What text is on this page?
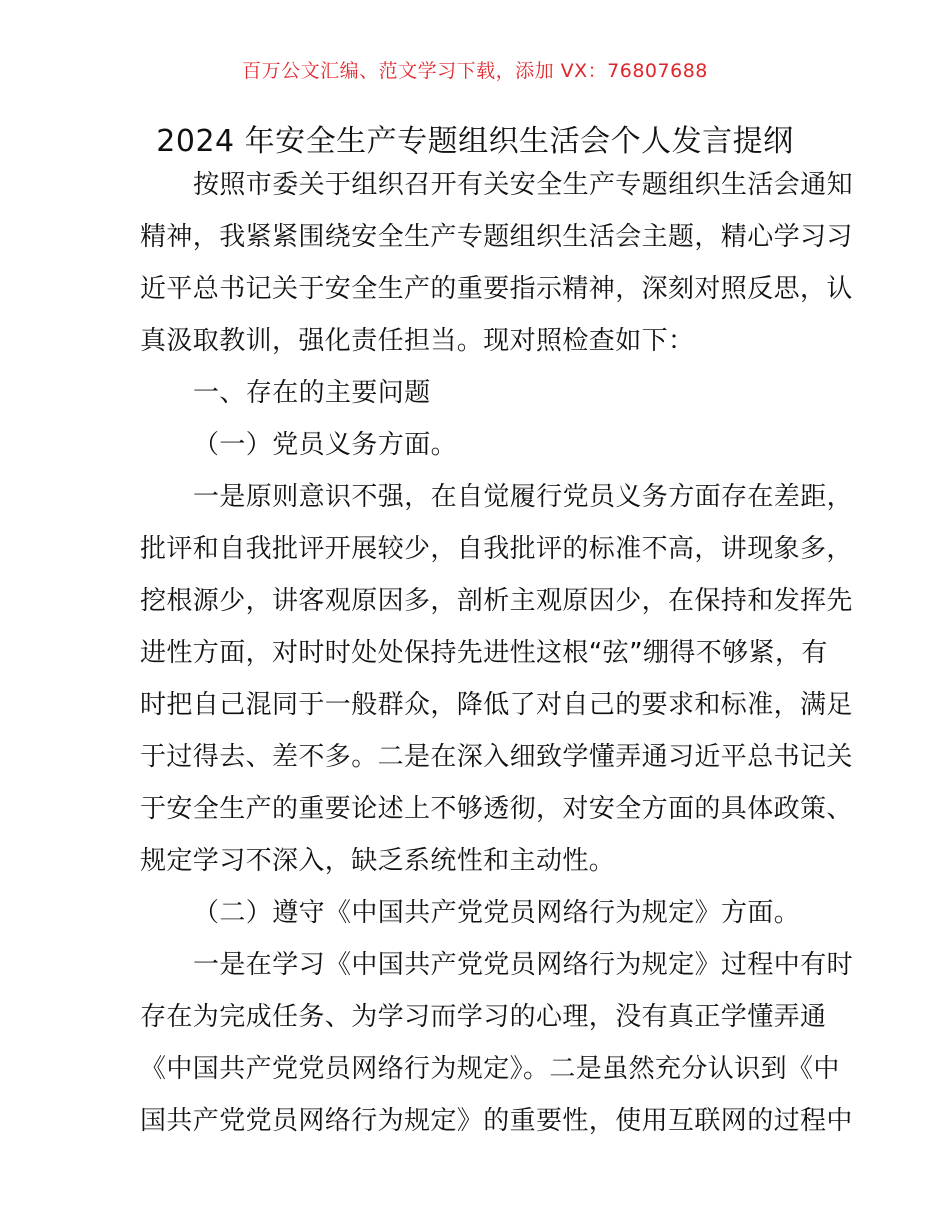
百万公文汇编、范文学习下载，添加 VX：76807688
2024 年安全生产专题组织生活会个人发言提纲
按照市委关于组织召开有关安全生产专题组织生活会通知
精神，我紧紧围绕安全生产专题组织生活会主题，精心学习习
近平总书记关于安全生产的重要指示精神，深刻对照反思，认
真汲取教训，强化责任担当。现对照检查如下：
一、存在的主要问题
（一）党员义务方面。
一是原则意识不强，在自觉履行党员义务方面存在差距，
批评和自我批评开展较少，自我批评的标准不高，讲现象多，
挖根源少，讲客观原因多，剖析主观原因少，在保持和发挥先
进性方面，对时时处处保持先进性这根“弦”绷得不够紧，有
时把自己混同于一般群众，降低了对自己的要求和标准，满足
于过得去、差不多。二是在深入细致学懂弄通习近平总书记关
于安全生产的重要论述上不够透彻，对安全方面的具体政策、
规定学习不深入，缺乏系统性和主动性。
（二）遵守《中国共产党党员网络行为规定》方面。
一是在学习《中国共产党党员网络行为规定》过程中有时
存在为完成任务、为学习而学习的心理，没有真正学懂弄通
《中国共产党党员网络行为规定》。二是虽然充分认识到《中
国共产党党员网络行为规定》的重要性，使用互联网的过程中
